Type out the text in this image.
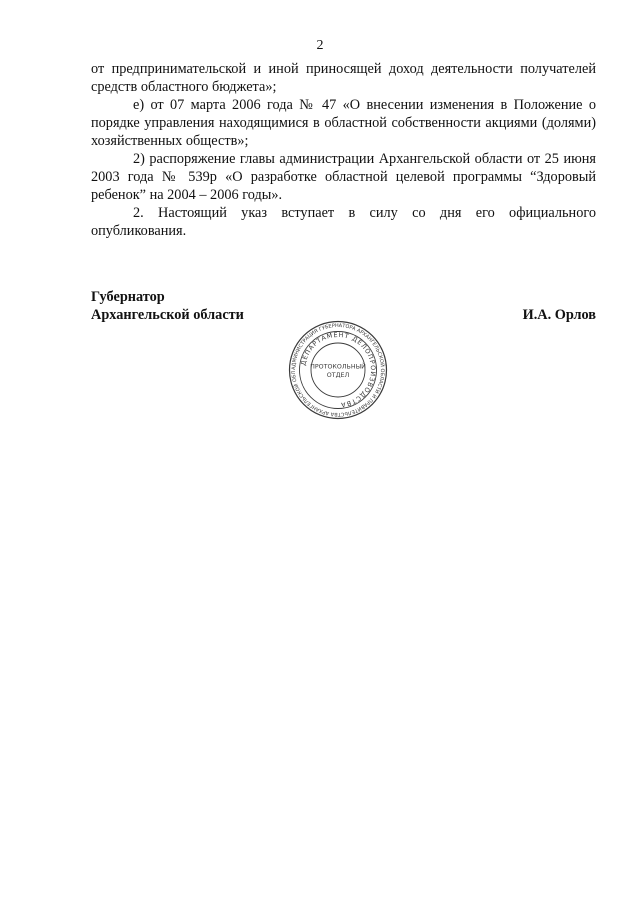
2

от предпринимательской и иной приносящей доход деятельности получателей средств областного бюджета»;

е) от 07 марта 2006 года № 47 «О внесении изменения в Положение о порядке управления находящимися в областной собственности акциями (долями) хозяйственных обществ»;

2) распоряжение главы администрации Архангельской области от 25 июня 2003 года № 539р «О разработке областной целевой программы “Здоровый ребенок” на 2004 – 2006 годы».

2. Настоящий указ вступает в силу со дня его официального опубликования.

Губернатор

Архангельской области	И.А. Орлов

АДМИНИСТРАЦИЯ ГУБЕРНАТОРА АРХАНГЕЛЬСКОЙ ОБЛАСТИ И ПРАВИТЕЛЬСТВА АРХАНГЕЛЬСКОЙ ОБЛ
ДЕПАРТАМЕНТ ДЕЛОПРОИЗВОДСТВА
ПРОТОКОЛЬНЫЙ
ОТДЕЛ
